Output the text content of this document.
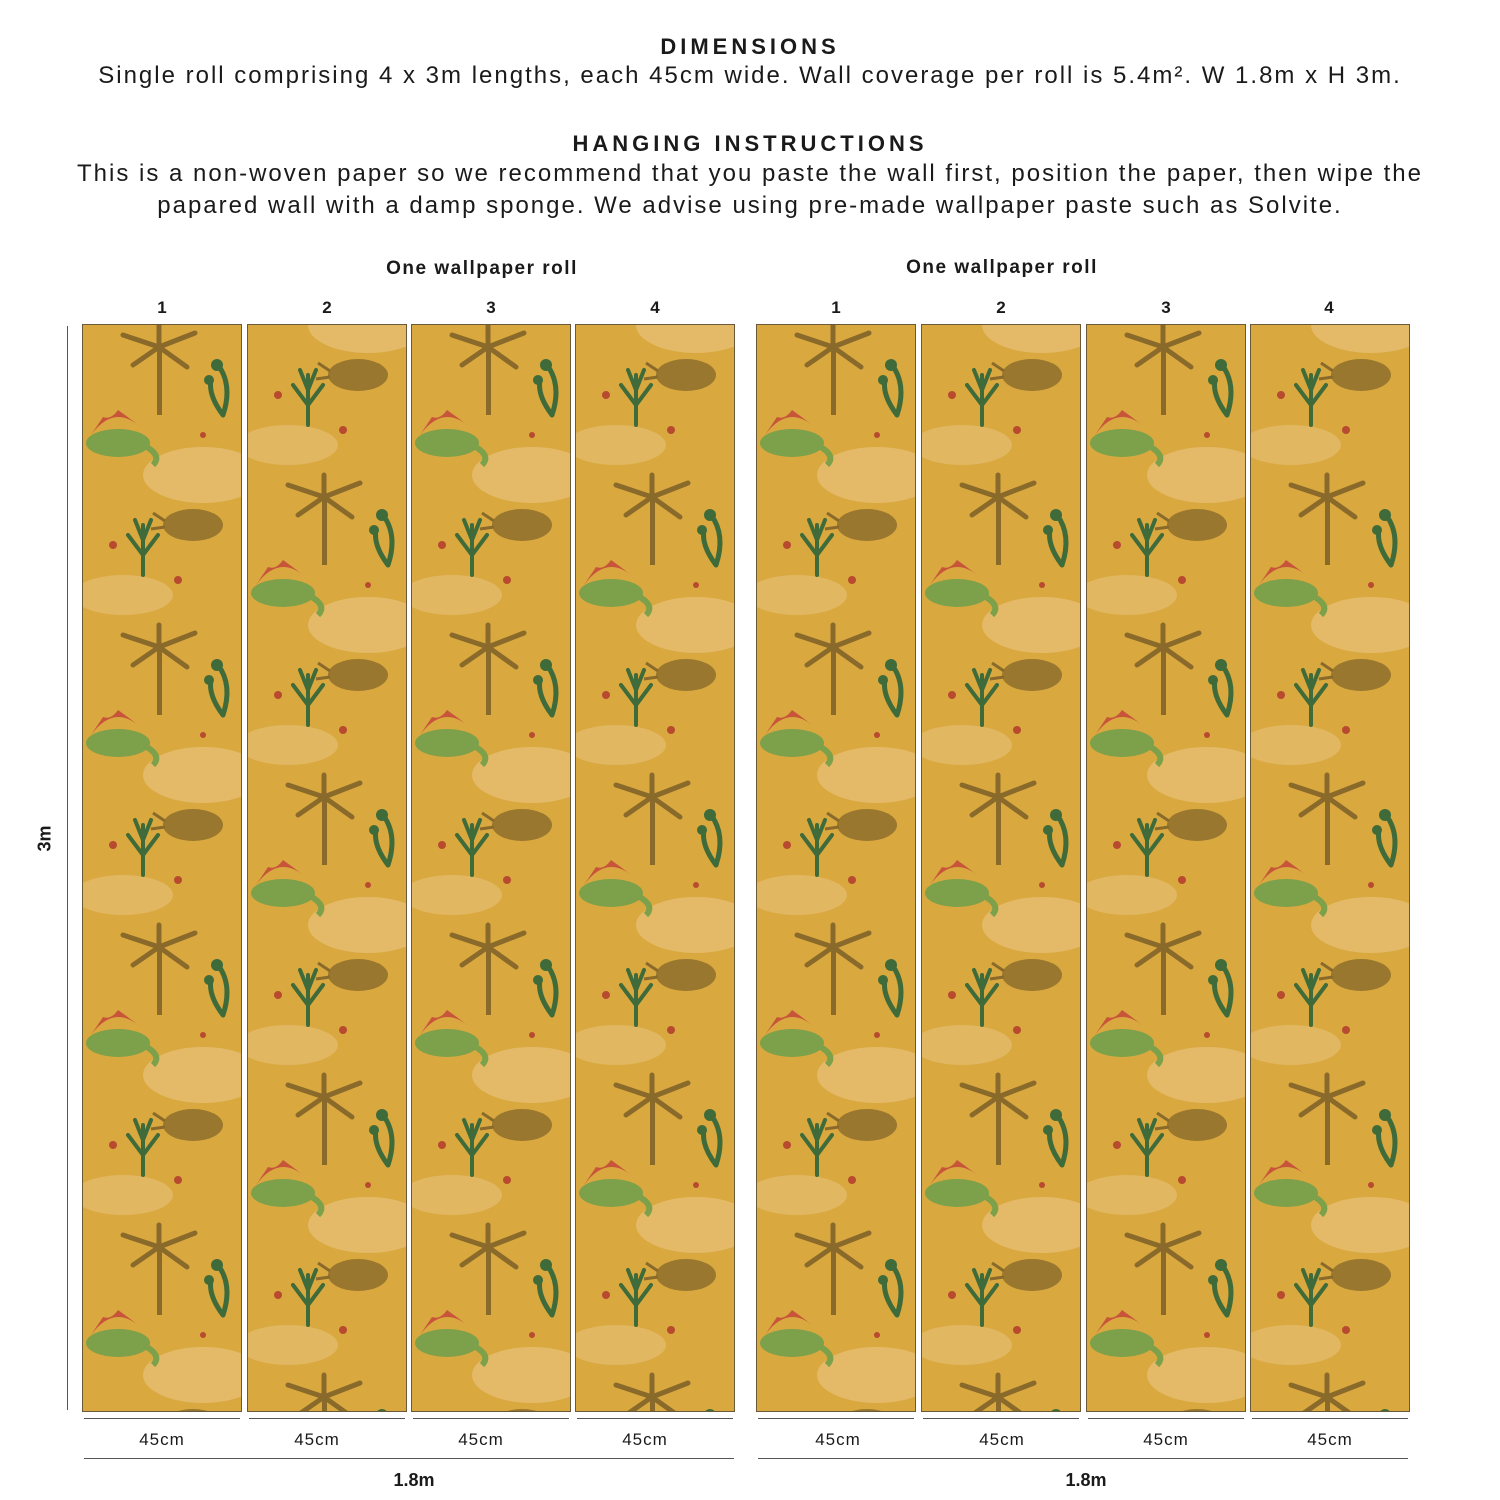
DIMENSIONS
Single roll comprising 4 x 3m lengths, each 45cm wide. Wall coverage per roll is 5.4m². W 1.8m x H 3m.
HANGING INSTRUCTIONS
This is a non-woven paper so we recommend that you paste the wall first, position the paper, then wipe the
papared wall with a damp sponge. We advise using pre-made wallpaper paste such as Solvite.
3m
One wallpaper roll
1	2	3	4
45cm	45cm	45cm	45cm
1.8m
One wallpaper roll
1	2	3	4
45cm	45cm	45cm	45cm
1.8m
